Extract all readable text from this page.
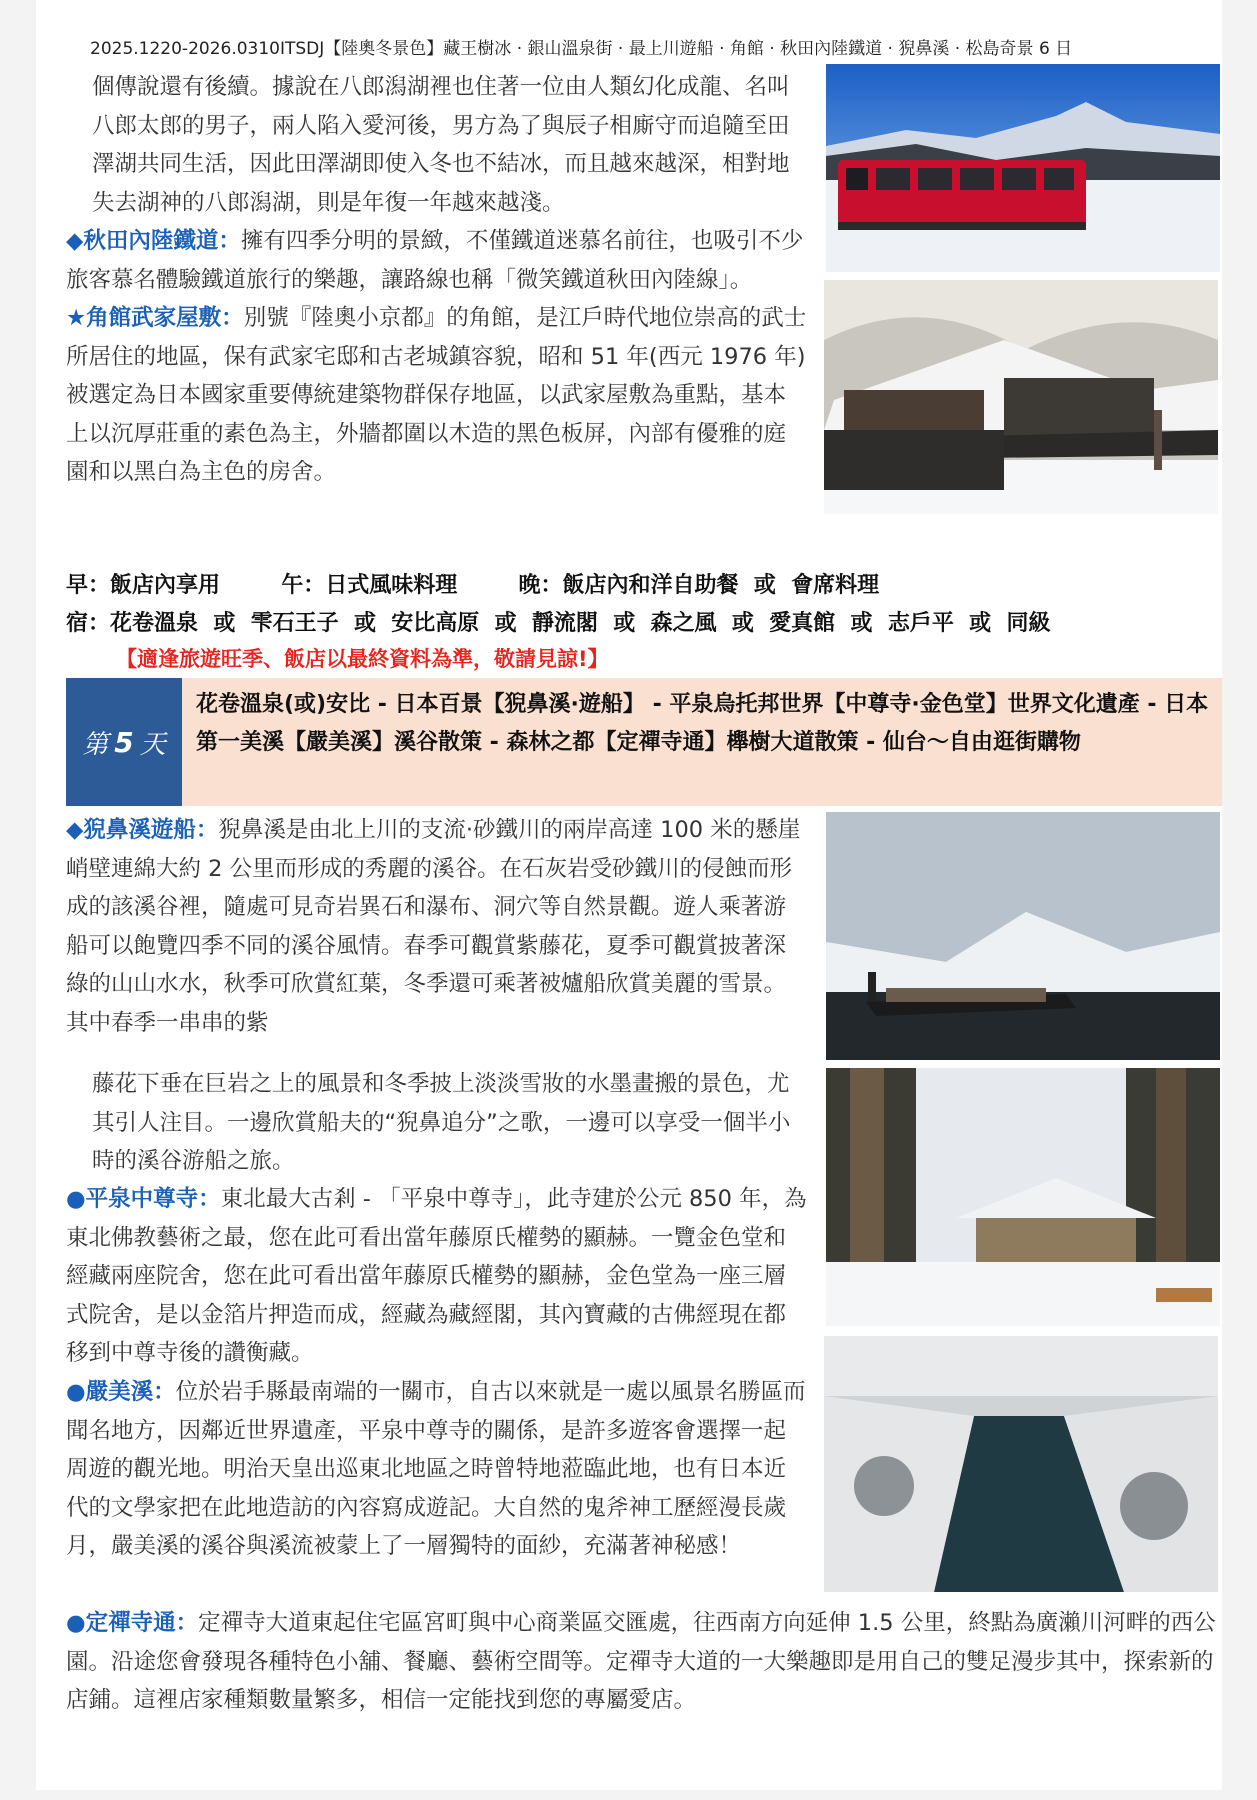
2025.1220-2026.0310ITSDJ【陸奧冬景色】藏王樹冰 · 銀山溫泉街 · 最上川遊船 · 角館 · 秋田內陸鐵道 · 猊鼻溪 · 松島奇景 6 日
個傳說還有後續。據說在八郎潟湖裡也住著一位由人類幻化成龍、名叫八郎太郎的男子，兩人陷入愛河後，男方為了與辰子相廝守而追隨至田澤湖共同生活，因此田澤湖即使入冬也不結冰，而且越來越深，相對地失去湖神的八郎潟湖，則是年復一年越來越淺。
◆秋田內陸鐵道：擁有四季分明的景緻，不僅鐵道迷慕名前往，也吸引不少旅客慕名體驗鐵道旅行的樂趣，讓路線也稱「微笑鐵道秋田內陸線」。
★角館武家屋敷：別號『陸奧小京都』的角館，是江戶時代地位崇高的武士所居住的地區，保有武家宅邸和古老城鎮容貌，昭和 51 年(西元 1976 年)被選定為日本國家重要傳統建築物群保存地區，以武家屋敷為重點，基本上以沉厚莊重的素色為主，外牆都圍以木造的黑色板屏，內部有優雅的庭園和以黑白為主色的房舍。
早：飯店內享用        午：日式風味料理        晚：飯店內和洋自助餐  或  會席料理
宿：花卷溫泉  或  雫石王子  或  安比高原  或  靜流閣  或  森之風  或  愛真館  或  志戶平  或  同級
【適逢旅遊旺季、飯店以最終資料為準，敬請見諒!】
第 5 天
花卷溫泉(或)安比 - 日本百景【猊鼻溪·遊船】 - 平泉烏托邦世界【中尊寺·金色堂】世界文化遺產 - 日本第一美溪【嚴美溪】溪谷散策 - 森林之都【定禪寺通】櫸樹大道散策 - 仙台～自由逛街購物
◆猊鼻溪遊船：猊鼻溪是由北上川的支流·砂鐵川的兩岸高達 100 米的懸崖峭壁連綿大約 2 公里而形成的秀麗的溪谷。在石灰岩受砂鐵川的侵蝕而形成的該溪谷裡，隨處可見奇岩異石和瀑布、洞穴等自然景觀。遊人乘著游船可以飽覽四季不同的溪谷風情。春季可觀賞紫藤花，夏季可觀賞披著深綠的山山水水，秋季可欣賞紅葉，冬季還可乘著被爐船欣賞美麗的雪景。其中春季一串串的紫
藤花下垂在巨岩之上的風景和冬季披上淡淡雪妝的水墨畫搬的景色，尤其引人注目。一邊欣賞船夫的“猊鼻追分”之歌，一邊可以享受一個半小時的溪谷游船之旅。
●平泉中尊寺：東北最大古剎 - 「平泉中尊寺」，此寺建於公元 850 年，為東北佛教藝術之最，您在此可看出當年藤原氏權勢的顯赫。一覽金色堂和經藏兩座院舍，您在此可看出當年藤原氏權勢的顯赫，金色堂為一座三層式院舍，是以金箔片押造而成，經藏為藏經閣，其內寶藏的古佛經現在都移到中尊寺後的讚衡藏。
●嚴美溪：位於岩手縣最南端的一關市，自古以來就是一處以風景名勝區而聞名地方，因鄰近世界遺產，平泉中尊寺的關係，是許多遊客會選擇一起周遊的觀光地。明治天皇出巡東北地區之時曾特地蒞臨此地，也有日本近代的文學家把在此地造訪的內容寫成遊記。大自然的鬼斧神工歷經漫長歲月，嚴美溪的溪谷與溪流被蒙上了一層獨特的面紗，充滿著神秘感！
●定禪寺通：定禪寺大道東起住宅區宮町與中心商業區交匯處，往西南方向延伸 1.5 公里，終點為廣瀨川河畔的西公園。沿途您會發現各種特色小舖、餐廳、藝術空間等。定禪寺大道的一大樂趣即是用自己的雙足漫步其中，探索新的店鋪。這裡店家種類數量繁多，相信一定能找到您的專屬愛店。
